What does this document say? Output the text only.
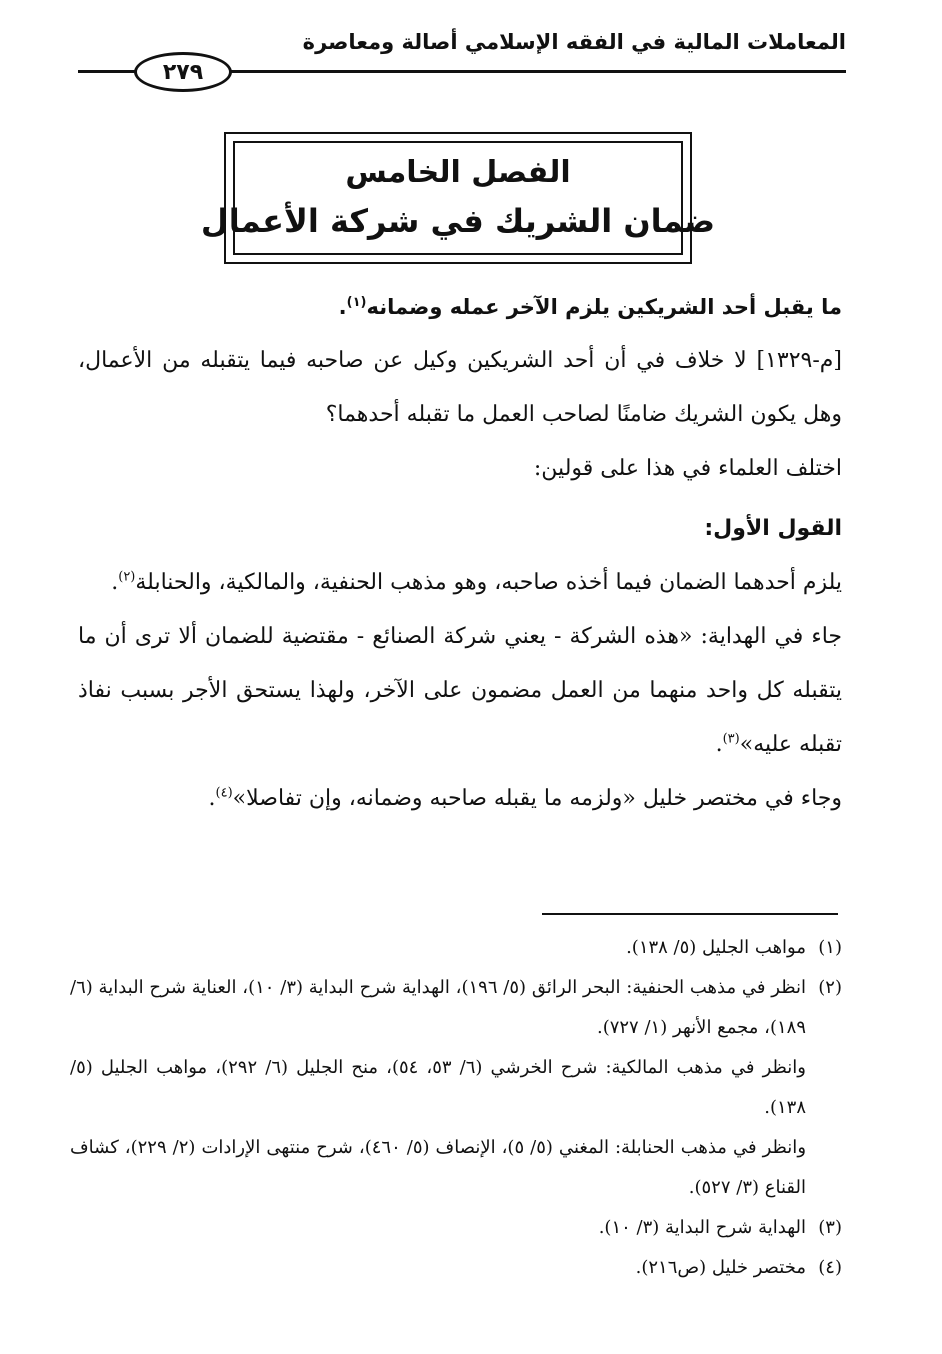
المعاملات المالية في الفقه الإسلامي أصالة ومعاصرة
٢٧٩
الفصل الخامس
ضمان الشريك في شركة الأعمال

ما يقبل أحد الشريكين يلزم الآخر عمله وضمانه$^{(١)}$.

[م-١٣٢٩] لا خلاف في أن أحد الشريكين وكيل عن صاحبه فيما يتقبله من الأعمال، وهل يكون الشريك ضامنًا لصاحب العمل ما تقبله أحدهما؟

اختلف العلماء في هذا على قولين:

القول الأول:

يلزم أحدهما الضمان فيما أخذه صاحبه، وهو مذهب الحنفية، والمالكية، والحنابلة$^{(٢)}$.

جاء في الهداية: «هذه الشركة - يعني شركة الصنائع - مقتضية للضمان ألا ترى أن ما يتقبله كل واحد منهما من العمل مضمون على الآخر، ولهذا يستحق الأجر بسبب نفاذ تقبله عليه»$^{(٣)}$.

وجاء في مختصر خليل «ولزمه ما يقبله صاحبه وضمانه، وإن تفاصلا»$^{(٤)}$.

(١)
مواهب الجليل (٥/ ١٣٨).

(٢)
انظر في مذهب الحنفية: البحر الرائق (٥/ ١٩٦)، الهداية شرح البداية (٣/ ١٠)، العناية شرح البداية (٦/ ١٨٩)، مجمع الأنهر (١/ ٧٢٧).

وانظر في مذهب المالكية: شرح الخرشي (٦/ ٥٣، ٥٤)، منح الجليل (٦/ ٢٩٢)، مواهب الجليل (٥/ ١٣٨).

وانظر في مذهب الحنابلة: المغني (٥/ ٥)، الإنصاف (٥/ ٤٦٠)، شرح منتهى الإرادات (٢/ ٢٢٩)، كشاف القناع (٣/ ٥٢٧).

(٣)
الهداية شرح البداية (٣/ ١٠).

(٤)
مختصر خليل (ص٢١٦).
